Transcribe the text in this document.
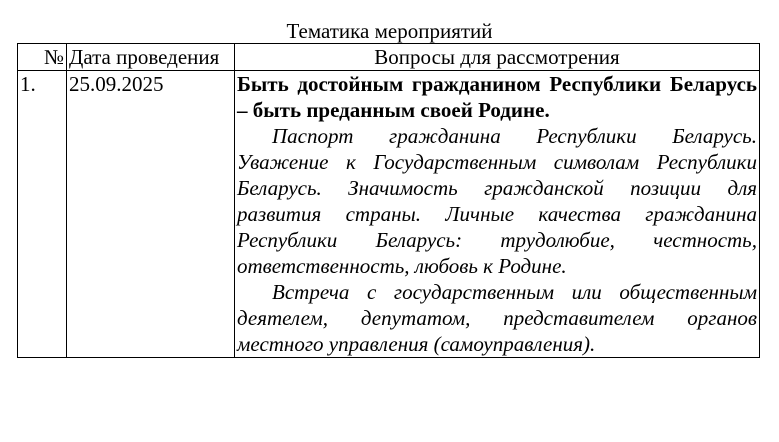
Тематика мероприятий
№	Дата проведения	Вопросы для рассмотрения
1.	25.09.2025	Быть достойным гражданином Республики Беларусь – быть преданным своей Родине.

Паспорт гражданина Республики Беларусь. Уважение к Государственным символам Республики Беларусь. Значимость гражданской позиции для развития страны. Личные качества гражданина Республики Беларусь: трудолюбие, честность, ответственность, любовь к Родине.

Встреча с государственным или общественным деятелем, депутатом, представителем органов местного управления (самоуправления).
